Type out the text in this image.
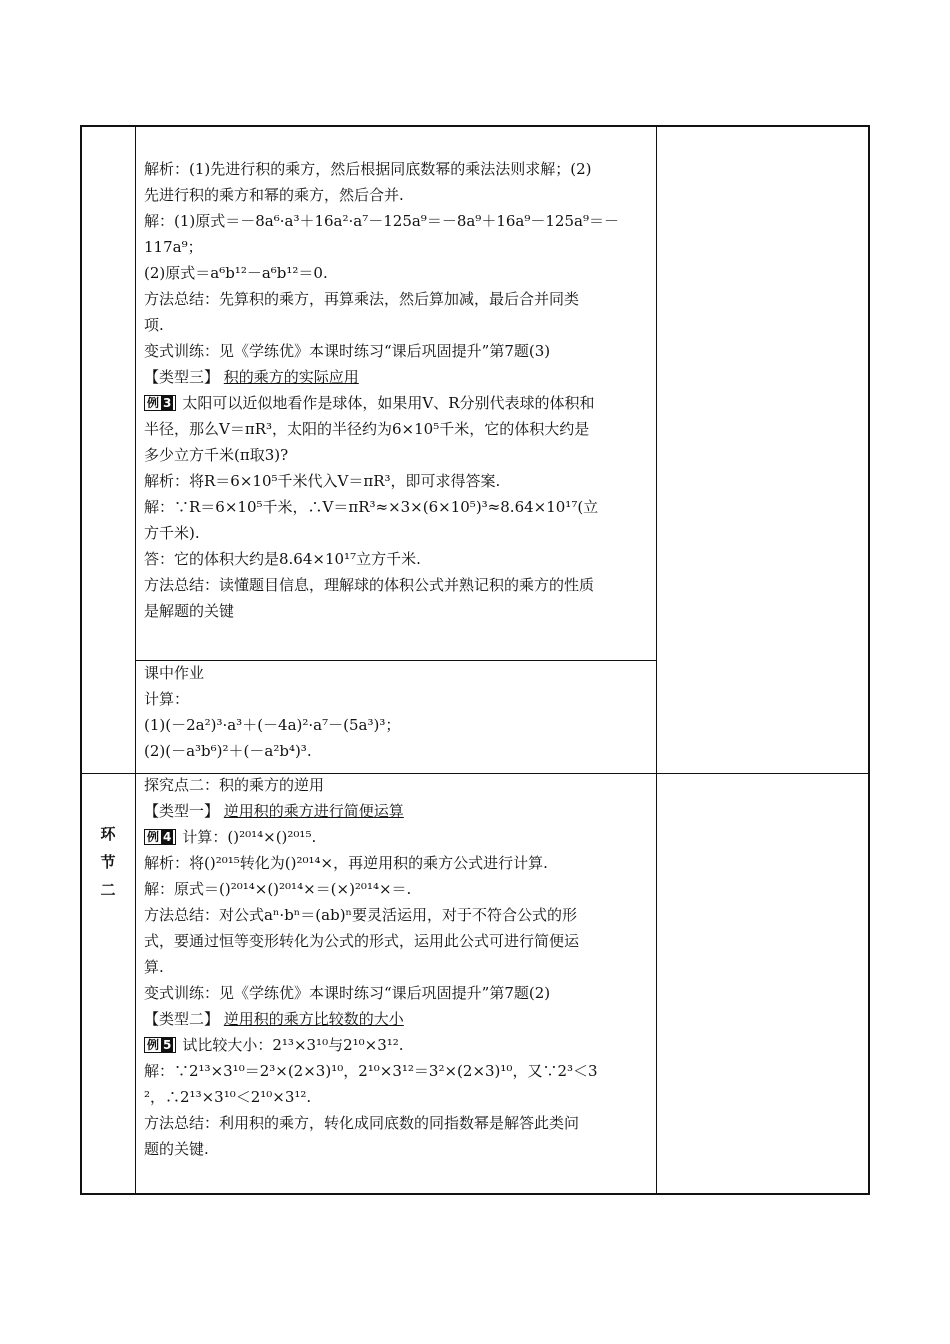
环
节
二

解析：(1)先进行积的乘方，然后根据同底数幂的乘法法则求解；(2)

先进行积的乘方和幂的乘方，然后合并.

解：(1)原式＝－8a⁶·a³＋16a²·a⁷－125a⁹＝－8a⁹＋16a⁹－125a⁹＝－

117a⁹；

(2)原式＝a⁶b¹²－a⁶b¹²＝0.

方法总结：先算积的乘方，再算乘法，然后算加减，最后合并同类

项.

变式训练：见《学练优》本课时练习“课后巩固提升”第7题(3)

【类型三】 积的乘方的实际应用

例 3 太阳可以近似地看作是球体，如果用V、R分别代表球的体积和

半径，那么V＝πR³，太阳的半径约为6×10⁵千米，它的体积大约是

多少立方千米(π取3)?

解析：将R＝6×10⁵千米代入V＝πR³，即可求得答案.

解：∵R＝6×10⁵千米，∴V＝πR³≈×3×(6×10⁵)³≈8.64×10¹⁷(立

方千米).

答：它的体积大约是8.64×10¹⁷立方千米.

方法总结：读懂题目信息，理解球的体积公式并熟记积的乘方的性质

是解题的关键

课中作业

计算：

(1)(－2a²)³·a³＋(－4a)²·a⁷－(5a³)³；

(2)(－a³b⁶)²＋(－a²b⁴)³.

探究点二：积的乘方的逆用

【类型一】 逆用积的乘方进行简便运算

例 4 计算：()²⁰¹⁴×()²⁰¹⁵.

解析：将()²⁰¹⁵转化为()²⁰¹⁴×，再逆用积的乘方公式进行计算.

解：原式＝()²⁰¹⁴×()²⁰¹⁴×＝(×)²⁰¹⁴×＝.

方法总结：对公式aⁿ·bⁿ＝(ab)ⁿ要灵活运用，对于不符合公式的形

式，要通过恒等变形转化为公式的形式，运用此公式可进行简便运

算.

变式训练：见《学练优》本课时练习“课后巩固提升”第7题(2)

【类型二】 逆用积的乘方比较数的大小

例 5 试比较大小：2¹³×3¹⁰与2¹⁰×3¹².

解：∵2¹³×3¹⁰＝2³×(2×3)¹⁰，2¹⁰×3¹²＝3²×(2×3)¹⁰，又∵2³＜3

²，∴2¹³×3¹⁰＜2¹⁰×3¹².

方法总结：利用积的乘方，转化成同底数的同指数幂是解答此类问

题的关键.
